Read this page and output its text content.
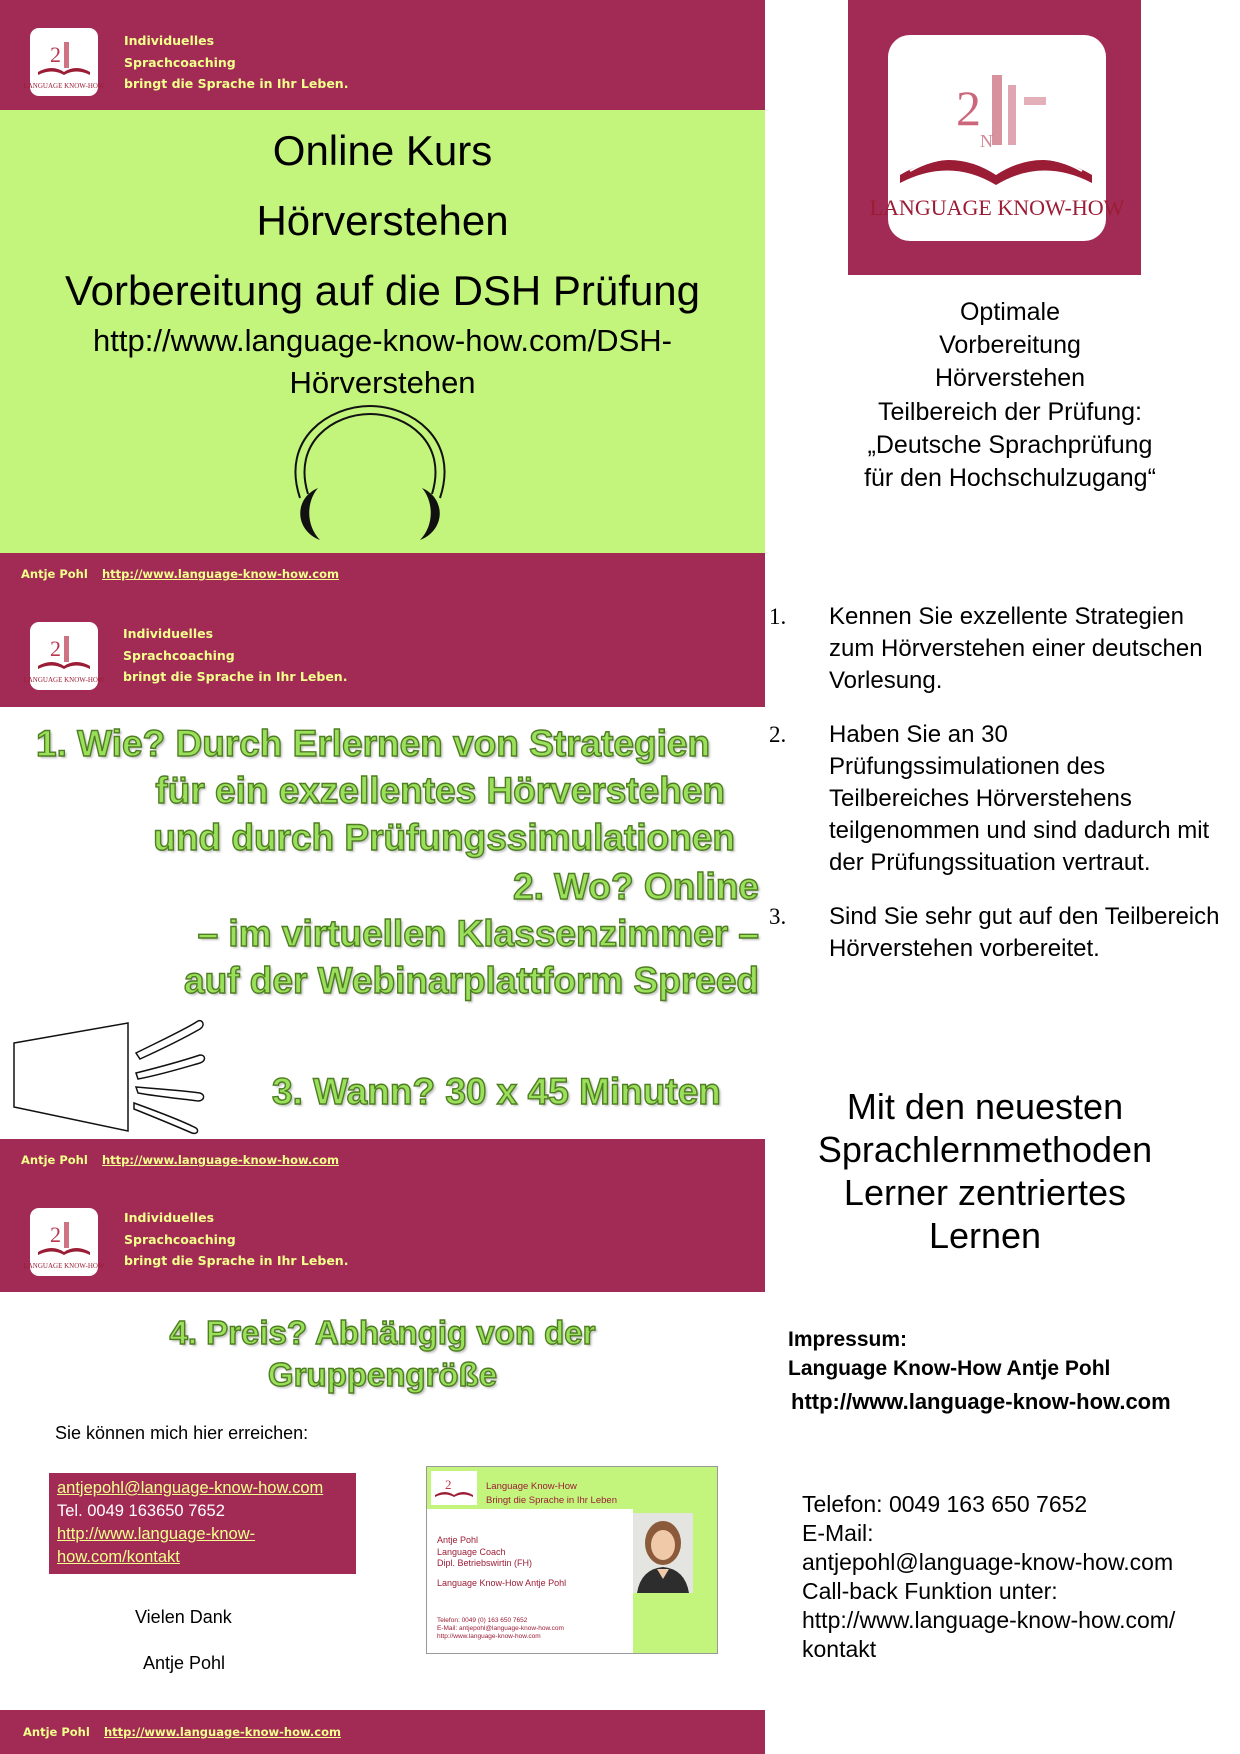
2
LANGUAGE KNOW-HOW
Individuelles
Sprachcoaching
bringt die Sprache in Ihr Leben.
Online Kurs
Hörverstehen
Vorbereitung auf die DSH Prüfung
http://www.language-know-how.com/DSH-
Hörverstehen
Antje Pohl http://www.language-know-how.com
2
N
LANGUAGE KNOW-HOW
Optimale Vorbereitung
Hörverstehen
Teilbereich der Prüfung:
„Deutsche Sprachprüfung
für den Hochschulzugang“
2
LANGUAGE KNOW-HOW
Individuelles
Sprachcoaching
bringt die Sprache in Ihr Leben.
1. Wie? Durch Erlernen von Strategien
für ein exzellentes Hörverstehen
und durch Prüfungssimulationen
2. Wo? Online
– im virtuellen Klassenzimmer –
auf der Webinarplattform Spreed
3. Wann? 30 x 45 Minuten
Antje Pohl http://www.language-know-how.com
1. Kennen Sie exzellente Strategien zum Hörverstehen einer deutschen Vorlesung.
2. Haben Sie an 30 Prüfungssimulationen des Teilbereiches Hörverstehens teilgenommen und sind dadurch mit der Prüfungssituation vertraut.
3. Sind Sie sehr gut auf den Teilbereich Hörverstehen vorbereitet.
Mit den neuesten
Sprachlernmethoden
Lerner zentriertes
Lernen
2
LANGUAGE KNOW-HOW
Individuelles
Sprachcoaching
bringt die Sprache in Ihr Leben.
4. Preis? Abhängig von der
Gruppengröße
Sie können mich hier erreichen:
antjepohl@language-know-how.com
Tel. 0049 163650 7652
http://www.language-know-
how.com/kontakt
Vielen Dank
Antje Pohl
2	Language Know-How
Bringt die Sprache in Ihr Leben
Antje Pohl
Language Coach
Dipl. Betriebswirtin (FH)
Language Know-How Antje Pohl
Telefon: 0049 (0) 163 650 7652
E-Mail: antjepohl@language-know-how.com
http://www.language-know-how.com
Antje Pohl http://www.language-know-how.com
Impressum:
Language Know-How Antje Pohl
http://www.language-know-how.com
Telefon: 0049 163 650 7652
E-Mail:
antjepohl@language-know-how.com
Call-back Funktion unter:
http://www.language-know-how.com/
kontakt
